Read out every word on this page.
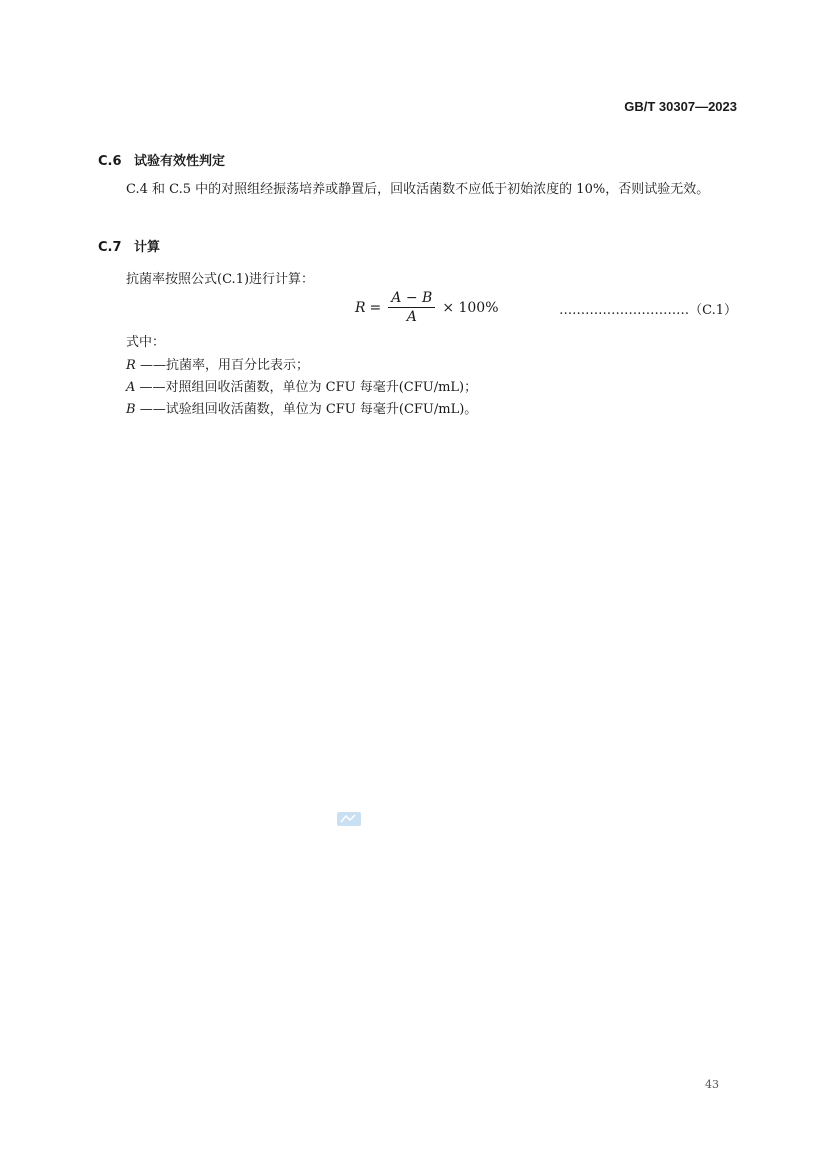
GB/T 30307—2023
C.6 试验有效性判定
C.4 和 C.5 中的对照组经振荡培养或静置后，回收活菌数不应低于初始浓度的 10%，否则试验无效。
C.7 计算
抗菌率按照公式(C.1)进行计算：
$R = \frac{A - B}{A} \times 100\%$	…………………………（C.1）
式中：
R ——抗菌率，用百分比表示；
A ——对照组回收活菌数，单位为 CFU 每毫升(CFU/mL)；
B ——试验组回收活菌数，单位为 CFU 每毫升(CFU/mL)。
43
